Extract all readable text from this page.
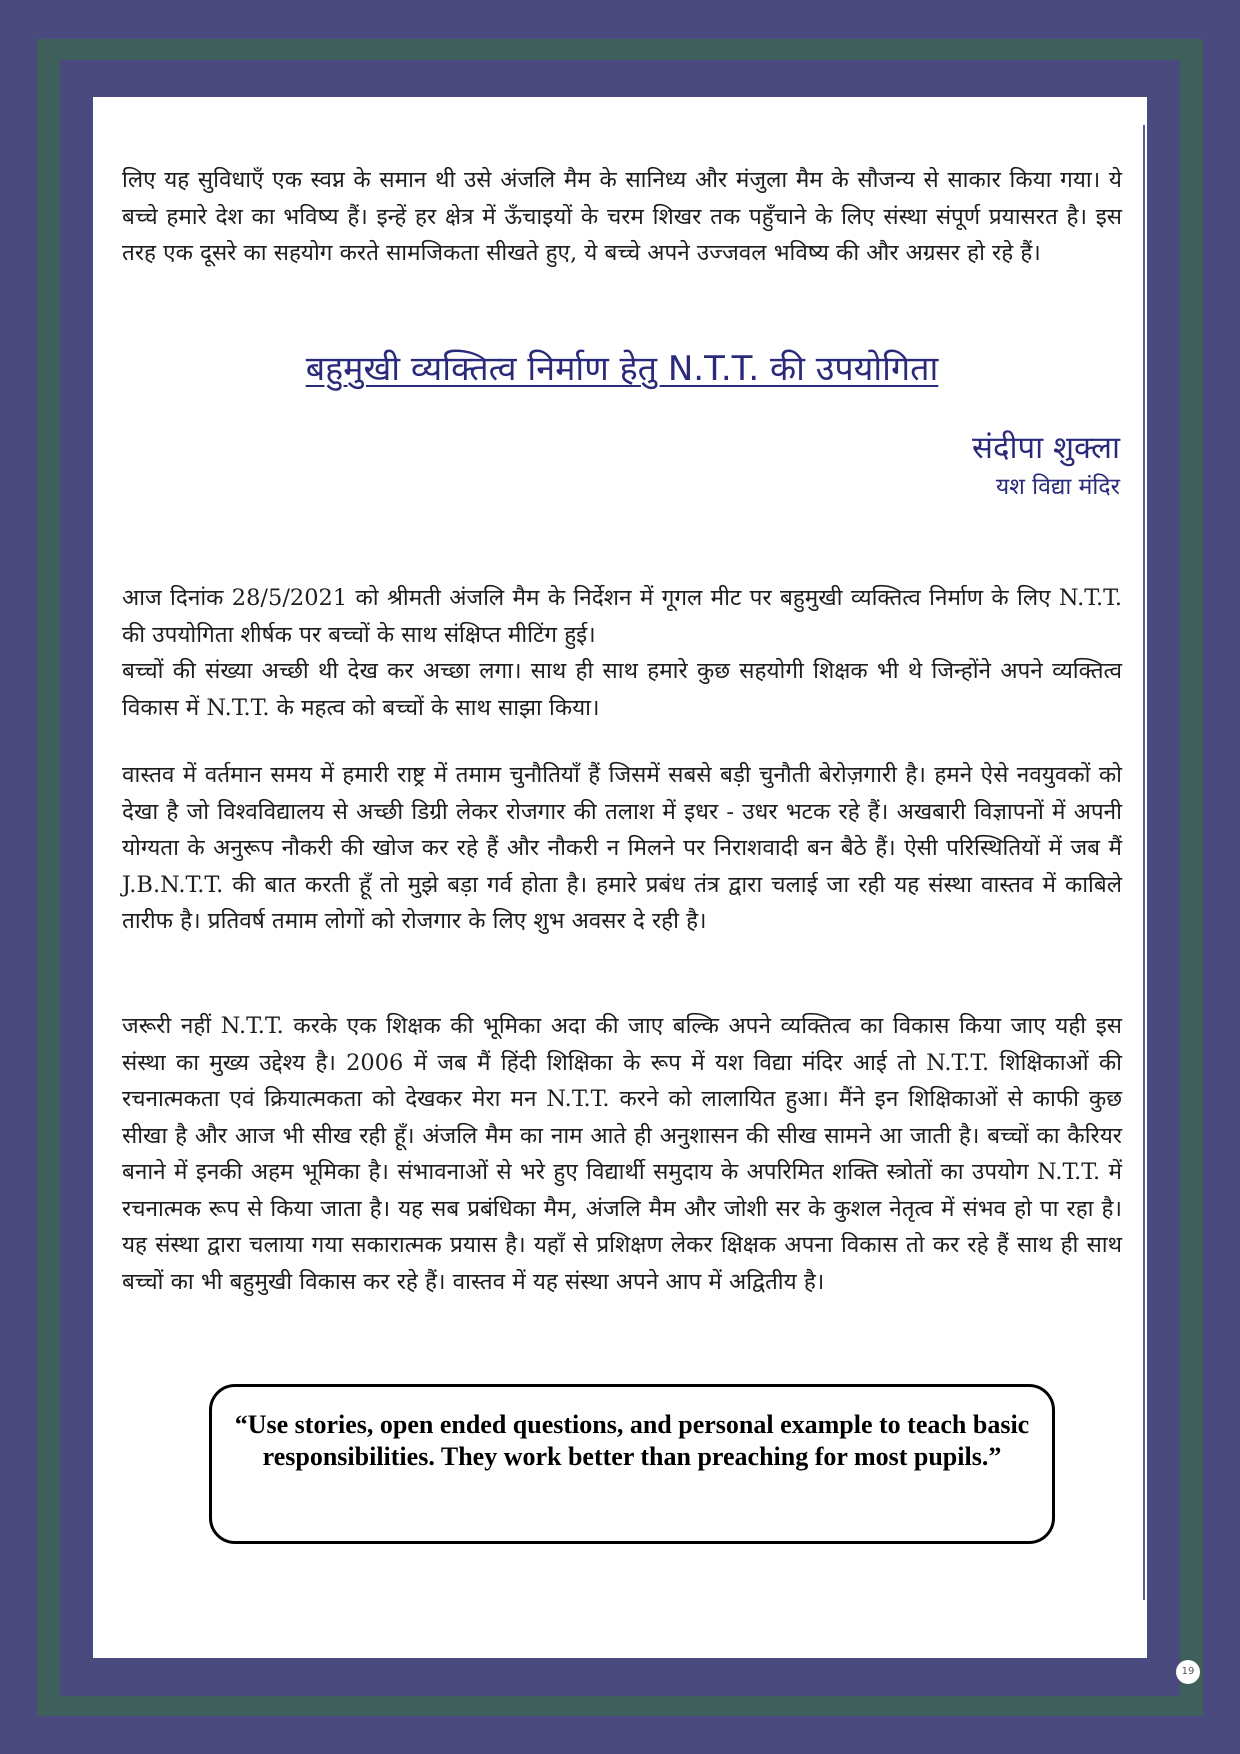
लिए यह सुविधाएँ एक स्वप्न के समान थी उसे अंजलि मैम के सानिध्य और मंजुला मैम के सौजन्य से साकार किया गया। ये बच्चे हमारे देश का भविष्य हैं। इन्हें हर क्षेत्र में ऊँचाइयों के चरम शिखर तक पहुँचाने के लिए संस्था संपूर्ण प्रयासरत है। इस तरह एक दूसरे का सहयोग करते सामजिकता सीखते हुए, ये बच्चे अपने उज्जवल भविष्य की और अग्रसर हो रहे हैं।

बहुमुखी व्यक्तित्व निर्माण हेतु N.T.T. की उपयोगिता
संदीपा शुक्ला
यश विद्या मंदिर

आज दिनांक 28/5/2021 को श्रीमती अंजलि मैम के निर्देशन में गूगल मीट पर बहुमुखी व्यक्तित्व निर्माण के लिए N.T.T. की उपयोगिता शीर्षक पर बच्चों के साथ संक्षिप्त मीटिंग हुई।

बच्चों की संख्या अच्छी थी देख कर अच्छा लगा। साथ ही साथ हमारे कुछ सहयोगी शिक्षक भी थे जिन्होंने अपने व्यक्तित्व विकास में N.T.T. के महत्व को बच्चों के साथ साझा किया।

वास्तव में वर्तमान समय में हमारी राष्ट्र में तमाम चुनौतियाँ हैं जिसमें सबसे बड़ी चुनौती बेरोज़गारी है। हमने ऐसे नवयुवकों को देखा है जो विश्वविद्यालय से अच्छी डिग्री लेकर रोजगार की तलाश में इधर - उधर भटक रहे हैं। अखबारी विज्ञापनों में अपनी योग्यता के अनुरूप नौकरी की खोज कर रहे हैं और नौकरी न मिलने पर निराशवादी बन बैठे हैं। ऐसी परिस्थितियों में जब मैं J.B.N.T.T. की बात करती हूँ तो मुझे बड़ा गर्व होता है। हमारे प्रबंध तंत्र द्वारा चलाई जा रही यह संस्था वास्तव में काबिले तारीफ है। प्रतिवर्ष तमाम लोगों को रोजगार के लिए शुभ अवसर दे रही है।

जरूरी नहीं N.T.T. करके एक शिक्षक की भूमिका अदा की जाए बल्कि अपने व्यक्तित्व का विकास किया जाए यही इस संस्था का मुख्य उद्देश्य है। 2006 में जब मैं हिंदी शिक्षिका के रूप में यश विद्या मंदिर आई तो N.T.T. शिक्षिकाओं की रचनात्मकता एवं क्रियात्मकता को देखकर मेरा मन N.T.T. करने को लालायित हुआ। मैंने इन शिक्षिकाओं से काफी कुछ सीखा है और आज भी सीख रही हूँ। अंजलि मैम का नाम आते ही अनुशासन की सीख सामने आ जाती है। बच्चों का कैरियर बनाने में इनकी अहम भूमिका है। संभावनाओं से भरे हुए विद्यार्थी समुदाय के अपरिमित शक्ति स्त्रोतों का उपयोग N.T.T. में रचनात्मक रूप से किया जाता है। यह सब प्रबंधिका मैम, अंजलि मैम और जोशी सर के कुशल नेतृत्व में संभव हो पा रहा है। यह संस्था द्वारा चलाया गया सकारात्मक प्रयास है। यहाँ से प्रशिक्षण लेकर क्षिक्षक अपना विकास तो कर रहे हैं साथ ही साथ बच्चों का भी बहुमुखी विकास कर रहे हैं। वास्तव में यह संस्था अपने आप में अद्वितीय है।

“Use stories, open ended questions, and personal example to teach basic responsibilities. They work better than preaching for most pupils.”

19
